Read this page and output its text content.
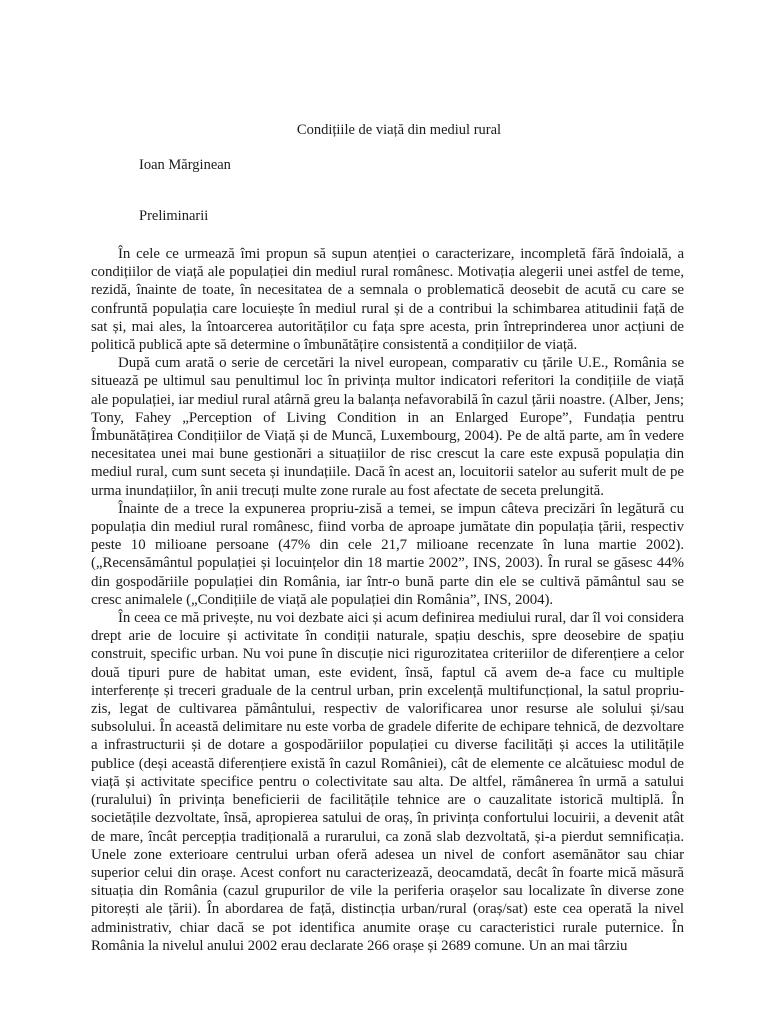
Condițiile de viață din mediul rural
Ioan Mărginean
Preliminarii

În cele ce urmează îmi propun să supun atenției o caracterizare, incompletă fără îndoială, a condițiilor de viață ale populației din mediul rural românesc. Motivația alegerii unei astfel de teme, rezidă, înainte de toate, în necesitatea de a semnala o problematică deosebit de acută cu care se confruntă populația care locuiește în mediul rural și de a contribui la schimbarea atitudinii față de sat și, mai ales, la întoarcerea autorităților cu fața spre acesta, prin întreprinderea unor acțiuni de politică publică apte să determine o îmbunătățire consistentă a condițiilor de viață.

După cum arată o serie de cercetări la nivel european, comparativ cu țările U.E., România se situează pe ultimul sau penultimul loc în privința multor indicatori referitori la condițiile de viață ale populației, iar mediul rural atârnă greu la balanța nefavorabilă în cazul țării noastre. (Alber, Jens; Tony, Fahey „Perception of Living Condition in an Enlarged Europe”, Fundația pentru Îmbunătățirea Condițiilor de Viață și de Muncă, Luxembourg, 2004). Pe de altă parte, am în vedere necesitatea unei mai bune gestionări a situațiilor de risc crescut la care este expusă populația din mediul rural, cum sunt seceta și inundațiile. Dacă în acest an, locuitorii satelor au suferit mult de pe urma inundațiilor, în anii trecuți multe zone rurale au fost afectate de seceta prelungită.

Înainte de a trece la expunerea propriu-zisă a temei, se impun câteva precizări în legătură cu populația din mediul rural românesc, fiind vorba de aproape jumătate din populația țării, respectiv peste 10 milioane persoane (47% din cele 21,7 milioane recenzate în luna martie 2002). („Recensământul populației și locuințelor din 18 martie 2002”, INS, 2003). În rural se găsesc 44% din gospodăriile populației din România, iar într-o bună parte din ele se cultivă pământul sau se cresc animalele („Condițiile de viață ale populației din România”, INS, 2004).

În ceea ce mă privește, nu voi dezbate aici și acum definirea mediului rural, dar îl voi considera drept arie de locuire și activitate în condiții naturale, spațiu deschis, spre deosebire de spațiu construit, specific urban. Nu voi pune în discuție nici rigurozitatea criteriilor de diferențiere a celor două tipuri pure de habitat uman, este evident, însă, faptul că avem de-a face cu multiple interferențe și treceri graduale de la centrul urban, prin excelență multifuncțional, la satul propriu-zis, legat de cultivarea pământului, respectiv de valorificarea unor resurse ale solului și/sau subsolului. În această delimitare nu este vorba de gradele diferite de echipare tehnică, de dezvoltare a infrastructurii și de dotare a gospodăriilor populației cu diverse facilități și acces la utilitățile publice (deși această diferențiere există în cazul României), cât de elemente ce alcătuiesc modul de viață și activitate specifice pentru o colectivitate sau alta. De altfel, rămânerea în urmă a satului (ruralului) în privința beneficierii de facilitățile tehnice are o cauzalitate istorică multiplă. În societățile dezvoltate, însă, apropierea satului de oraș, în privința confortului locuirii, a devenit atât de mare, încât percepția tradițională a rurarului, ca zonă slab dezvoltată, și-a pierdut semnificația. Unele zone exterioare centrului urban oferă adesea un nivel de confort asemănător sau chiar superior celui din orașe. Acest confort nu caracterizează, deocamdată, decât în foarte mică măsură situația din România (cazul grupurilor de vile la periferia orașelor sau localizate în diverse zone pitorești ale țării). În abordarea de față, distincția urban/rural (oraș/sat) este cea operată la nivel administrativ, chiar dacă se pot identifica anumite orașe cu caracteristici rurale puternice. În România la nivelul anului 2002 erau declarate 266 orașe și 2689 comune. Un an mai târziu
